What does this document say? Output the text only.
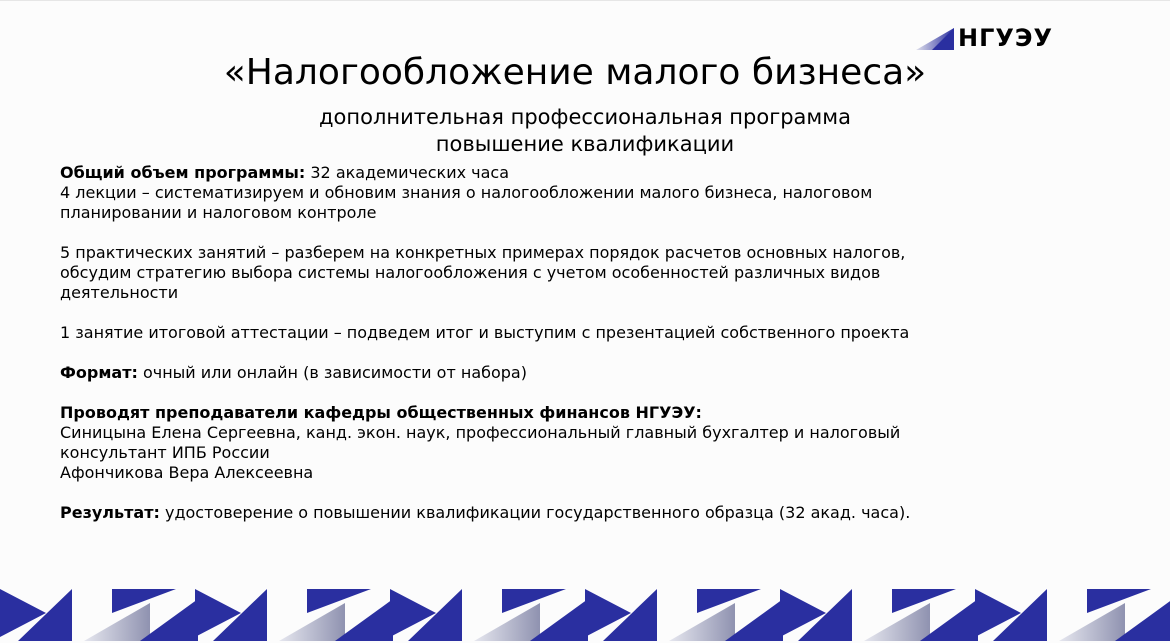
НГУЭУ
«Налогообложение малого бизнеса»
дополнительная профессиональная программа
повышение квалификации
Общий объем программы: 32 академических часа
4 лекции – систематизируем и обновим знания о налогообложении малого бизнеса, налоговом
планировании и налоговом контроле
5 практических занятий – разберем на конкретных примерах порядок расчетов основных налогов,
обсудим стратегию выбора системы налогообложения с учетом особенностей различных видов
деятельности
1 занятие итоговой аттестации – подведем итог и выступим с презентацией собственного проекта
Формат: очный или онлайн (в зависимости от набора)
Проводят преподаватели кафедры общественных финансов НГУЭУ:
Синицына Елена Сергеевна, канд. экон. наук, профессиональный главный бухгалтер и налоговый
консультант ИПБ России
Афончикова Вера Алексеевна
Результат: удостоверение о повышении квалификации государственного образца (32 акад. часа).
